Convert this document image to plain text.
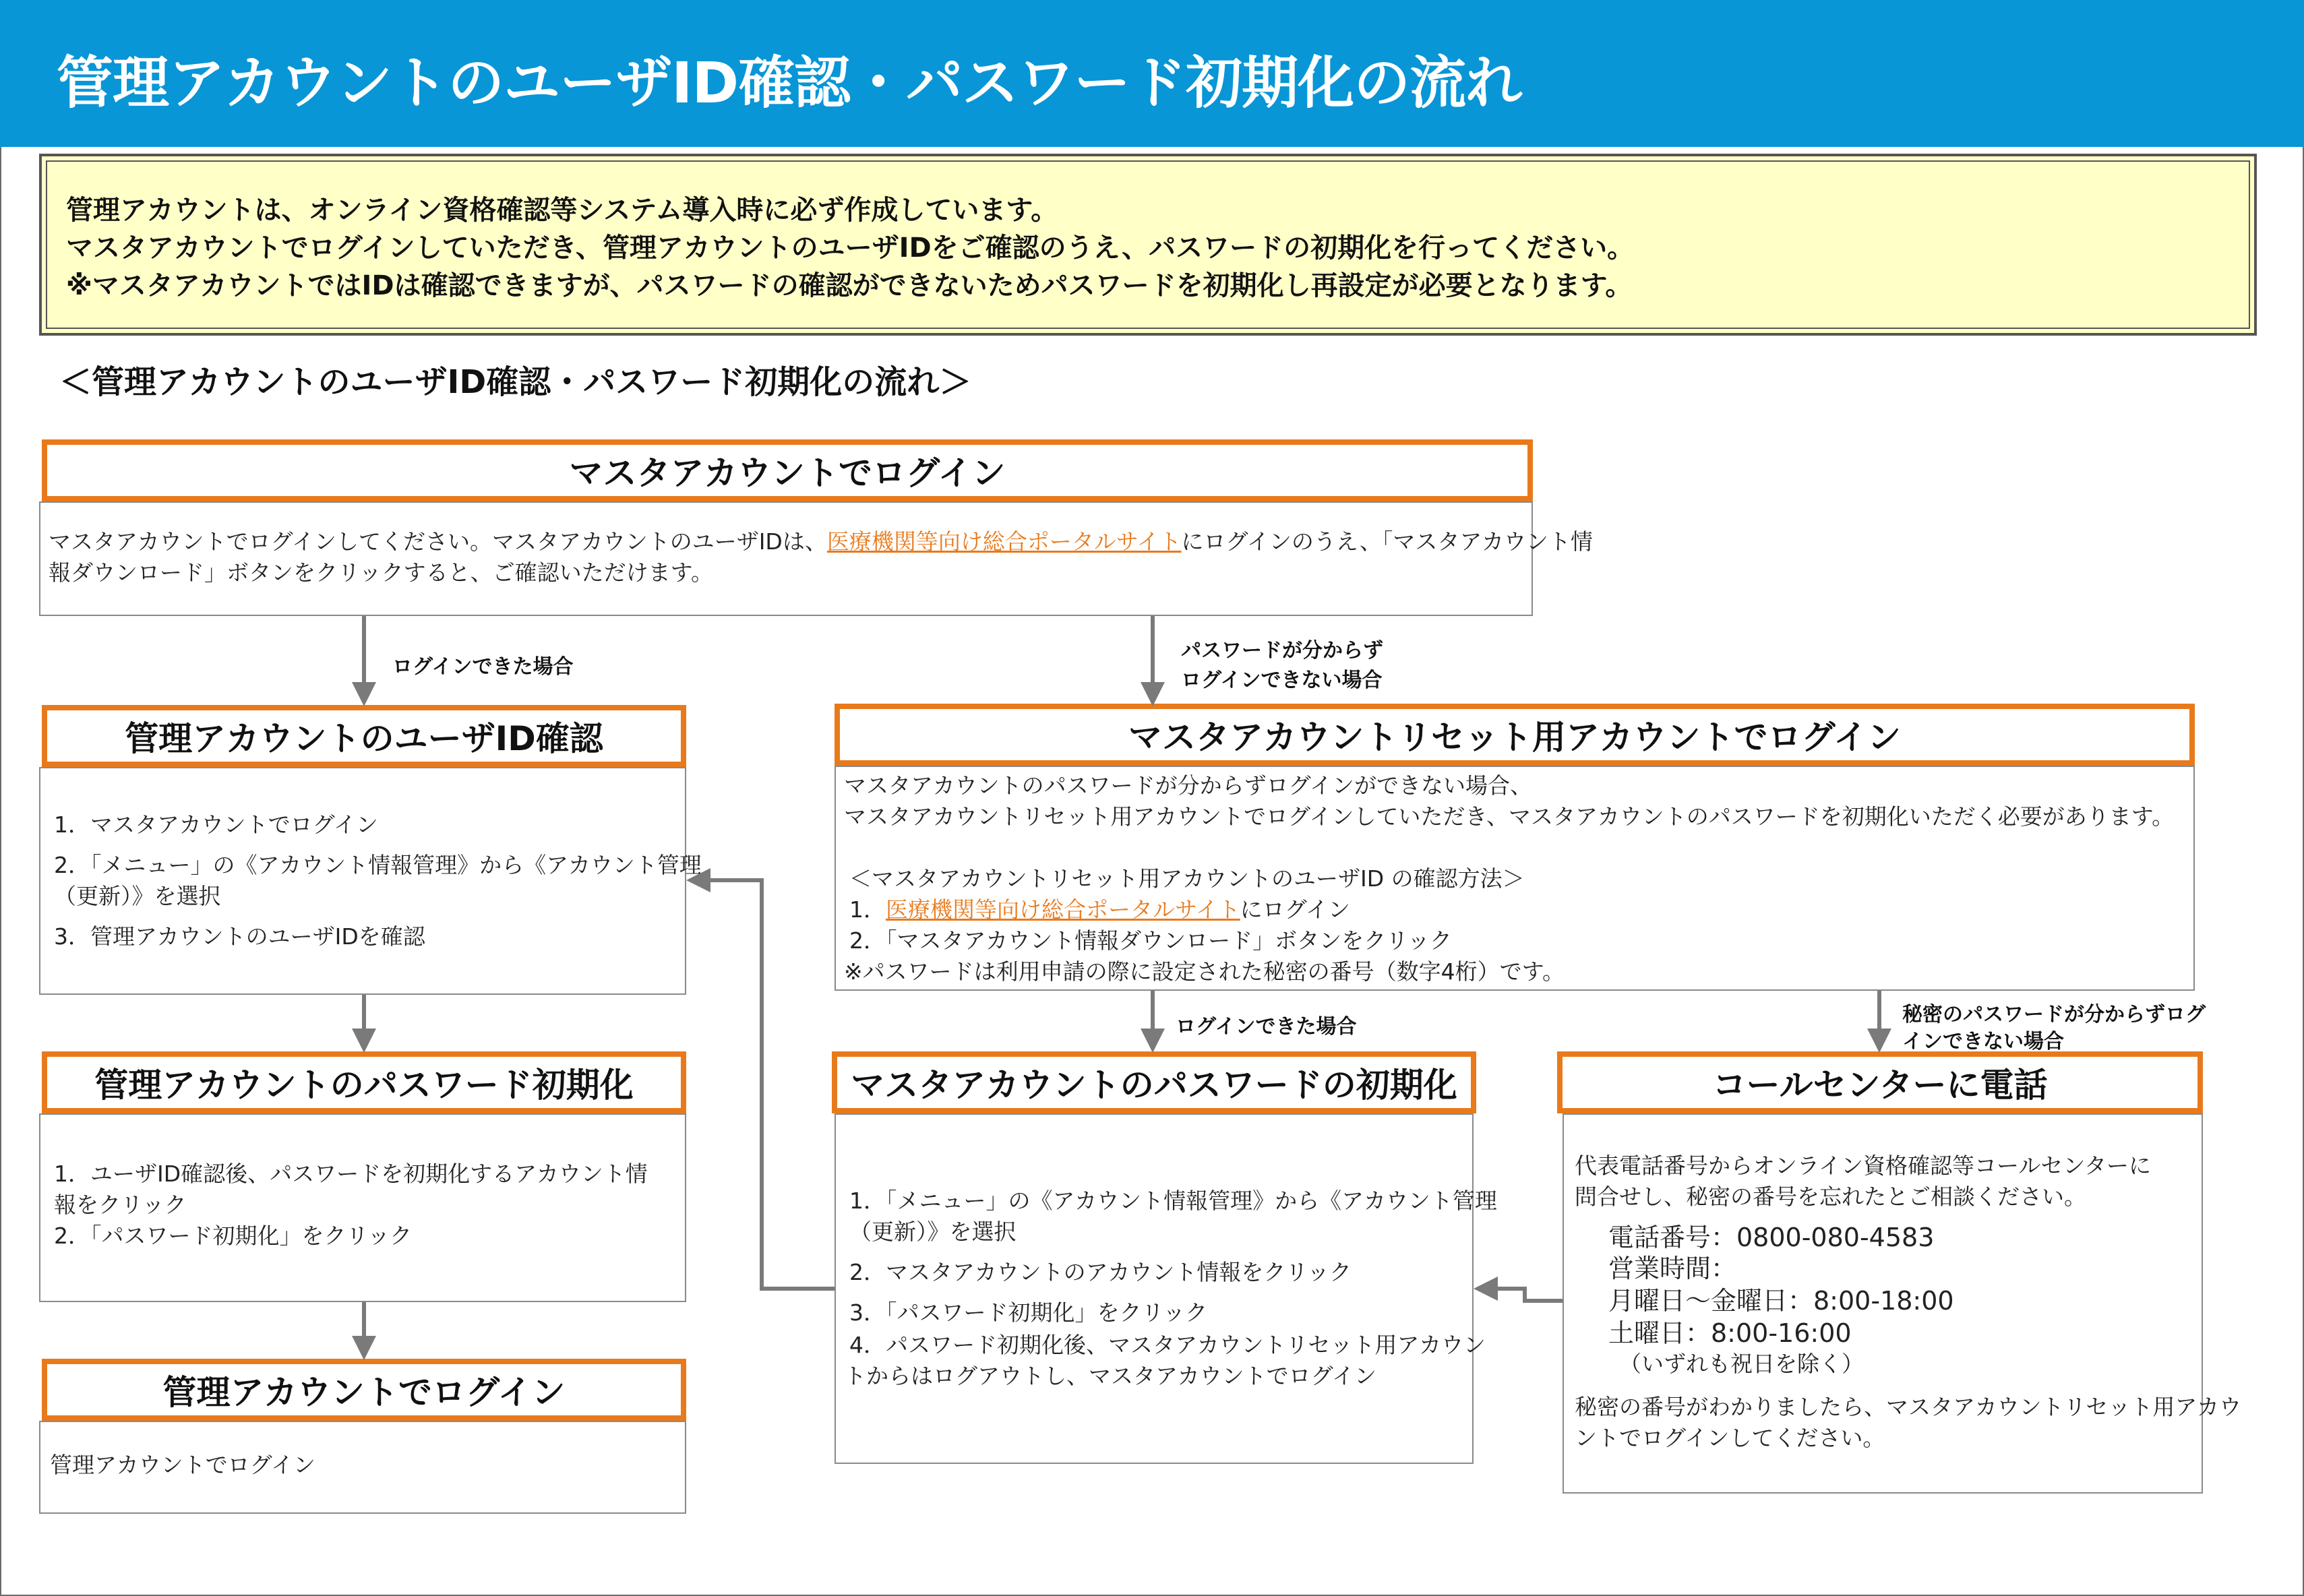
管理アカウントのユーザID確認・パスワード初期化の流れ
管理アカウントは、オンライン資格確認等システム導入時に必ず作成しています。
マスタアカウントでログインしていただき、管理アカウントのユーザIDをご確認のうえ、パスワードの初期化を行ってください。
※マスタアカウントではIDは確認できますが、パスワードの確認ができないためパスワードを初期化し再設定が必要となります。
＜管理アカウントのユーザID確認・パスワード初期化の流れ＞
マスタアカウントでログイン
マスタアカウントでログインしてください。マスタアカウントのユーザIDは、医療機関等向け総合ポータルサイトにログインのうえ、「マスタアカウント情
報ダウンロード」ボタンをクリックすると、ご確認いただけます。
管理アカウントのユーザID確認
1．マスタアカウントでログイン
2．「メニュー」の《アカウント情報管理》から《アカウント管理
（更新）》を選択
3．管理アカウントのユーザIDを確認
管理アカウントのパスワード初期化
1．ユーザID確認後、パスワードを初期化するアカウント情
報をクリック
2．「パスワード初期化」をクリック
管理アカウントでログイン
管理アカウントでログイン
マスタアカウントリセット用アカウントでログイン
マスタアカウントのパスワードが分からずログインができない場合、
マスタアカウントリセット用アカウントでログインしていただき、マスタアカウントのパスワードを初期化いただく必要があります。
＜マスタアカウントリセット用アカウントのユーザID の確認方法＞
1．医療機関等向け総合ポータルサイトにログイン
2．「マスタアカウント情報ダウンロード」ボタンをクリック
※パスワードは利用申請の際に設定された秘密の番号（数字4桁）です。
マスタアカウントのパスワードの初期化
1．「メニュー」の《アカウント情報管理》から《アカウント管理
（更新）》を選択
2．マスタアカウントのアカウント情報をクリック
3．「パスワード初期化」をクリック
4．パスワード初期化後、マスタアカウントリセット用アカウン
トからはログアウトし、マスタアカウントでログイン
コールセンターに電話
代表電話番号からオンライン資格確認等コールセンターに
問合せし、秘密の番号を忘れたとご相談ください。
電話番号：0800-080-4583
営業時間：
月曜日～金曜日：8:00-18:00
土曜日：8:00-16:00
（いずれも祝日を除く）
秘密の番号がわかりましたら、マスタアカウントリセット用アカウ
ントでログインしてください。
ログインできた場合
パスワードが分からず
ログインできない場合
ログインできた場合
秘密のパスワードが分からずログ
インできない場合
